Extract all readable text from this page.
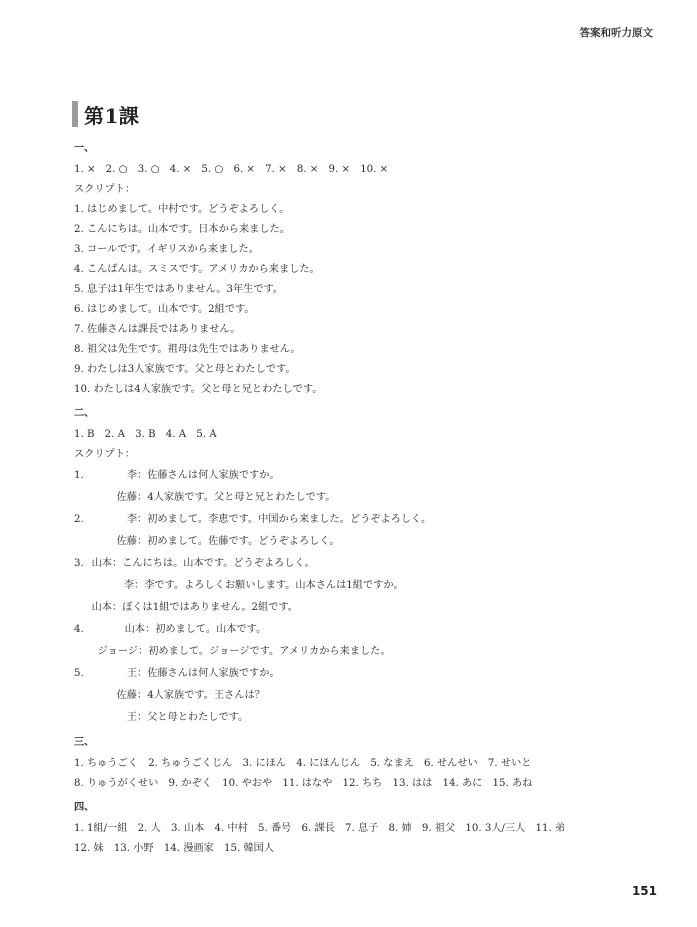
答案和听力原文
第1課
一、
1. ×　2. ○　3. ○　4. ×　5. ○　6. ×　7. ×　8. ×　9. ×　10. ×
スクリプト：
1. はじめまして。中村です。どうぞよろしく。
2. こんにちは。山本です。日本から来ました。
3. コールです。イギリスから来ました。
4. こんばんは。スミスです。アメリカから来ました。
5. 息子は1年生ではありません。3年生です。
6. はじめまして。山本です。2組です。
7. 佐藤さんは課長ではありません。
8. 祖父は先生です。祖母は先生ではありません。
9. わたしは3人家族です。父と母とわたしです。
10. わたしは4人家族です。父と母と兄とわたしです。
二、
1. B　2. A　3. B　4. A　5. A
スクリプト：
1.	李 ： 佐藤さんは何人家族ですか。
佐藤 ： 4人家族です。父と母と兄とわたしです。
2.	李 ： 初めまして。李恵です。中国から来ました。どうぞよろしく。
佐藤 ： 初めまして。佐藤です。どうぞよろしく。
3. 山本 ： こんにちは。山本です。どうぞよろしく。
李 ： 李です。よろしくお願いします。山本さんは1組ですか。
山本 ： ぼくは1組ではありません。2組です。
4.	山本 ： 初めまして。山本です。
ジョージ ： 初めまして。ジョージです。アメリカから来ました。
5.	王 ： 佐藤さんは何人家族ですか。
佐藤 ： 4人家族です。王さんは？
王 ： 父と母とわたしです。
三、
1. ちゅうごく　2. ちゅうごくじん　3. にほん　4. にほんじん　5. なまえ　6. せんせい　7. せいと
8. りゅうがくせい　9. かぞく　10. やおや　11. はなや　12. ちち　13. はは　14. あに　15. あね
四、
1. 1組/一組　2. 人　3. 山本　4. 中村　5. 番号　6. 課長　7. 息子　8. 姉　9. 祖父　10. 3人/三人　11. 弟
12. 妹　13. 小野　14. 漫画家　15. 韓国人
151
